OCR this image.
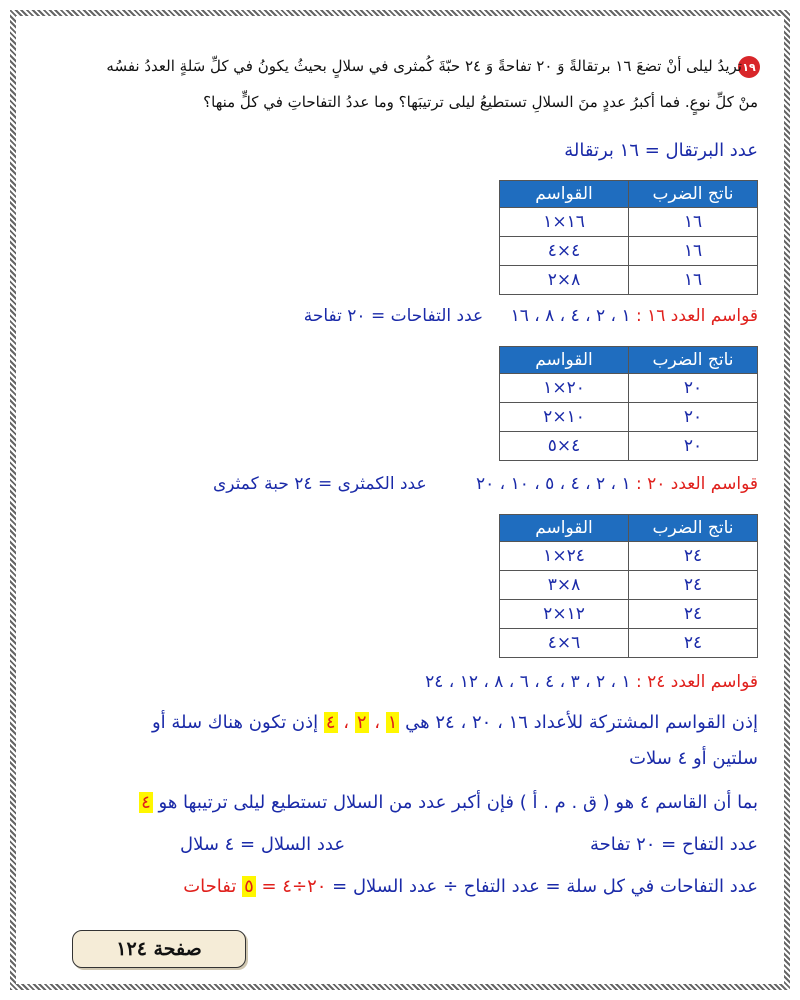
١٩
تريدُ ليلى أنْ تضعَ ١٦ برتقالةً وَ ٢٠ تفاحةً وَ ٢٤ حبّةَ كُمثرى في سلالٍ بحيثُ يكونُ في كلِّ سَلةٍ العددُ نفسُه
منْ كلِّ نوعٍ. فما أكبرُ عددٍ منَ السلالِ تستطيعُ ليلى ترتيبَها؟ وما عددُ التفاحاتِ في كلٍّ منها؟
عدد البرتقال = ١٦ برتقالة
ناتج الضرب	القواسم
١٦	١٦×١
١٦	٤×٤
١٦	٨×٢
قواسم العدد ١٦ : ١ ، ٢ ، ٤ ، ٨ ، ١٦ عدد التفاحات = ٢٠ تفاحة
ناتج الضرب	القواسم
٢٠	٢٠×١
٢٠	١٠×٢
٢٠	٤×٥
قواسم العدد ٢٠ : ١ ، ٢ ، ٤ ، ٥ ، ١٠ ، ٢٠ عدد الكمثرى = ٢٤ حبة كمثرى
ناتج الضرب	القواسم
٢٤	٢٤×١
٢٤	٨×٣
٢٤	١٢×٢
٢٤	٦×٤
قواسم العدد ٢٤ : ١ ، ٢ ، ٣ ، ٤ ، ٦ ، ٨ ، ١٢ ، ٢٤
إذن القواسم المشتركة للأعداد ١٦ ، ٢٠ ، ٢٤ هي ١ ، ٢ ، ٤ إذن تكون هناك سلة أو
سلتين أو ٤ سلات
بما أن القاسم ٤ هو ( ق . م . أ ) فإن أكبر عدد من السلال تستطيع ليلى ترتيبها هو ٤
عدد التفاح = ٢٠ تفاحة
عدد السلال = ٤ سلال
عدد التفاحات في كل سلة = عدد التفاح ÷ عدد السلال = ٢٠÷٤ = ٥ تفاحات
صفحة ١٢٤
